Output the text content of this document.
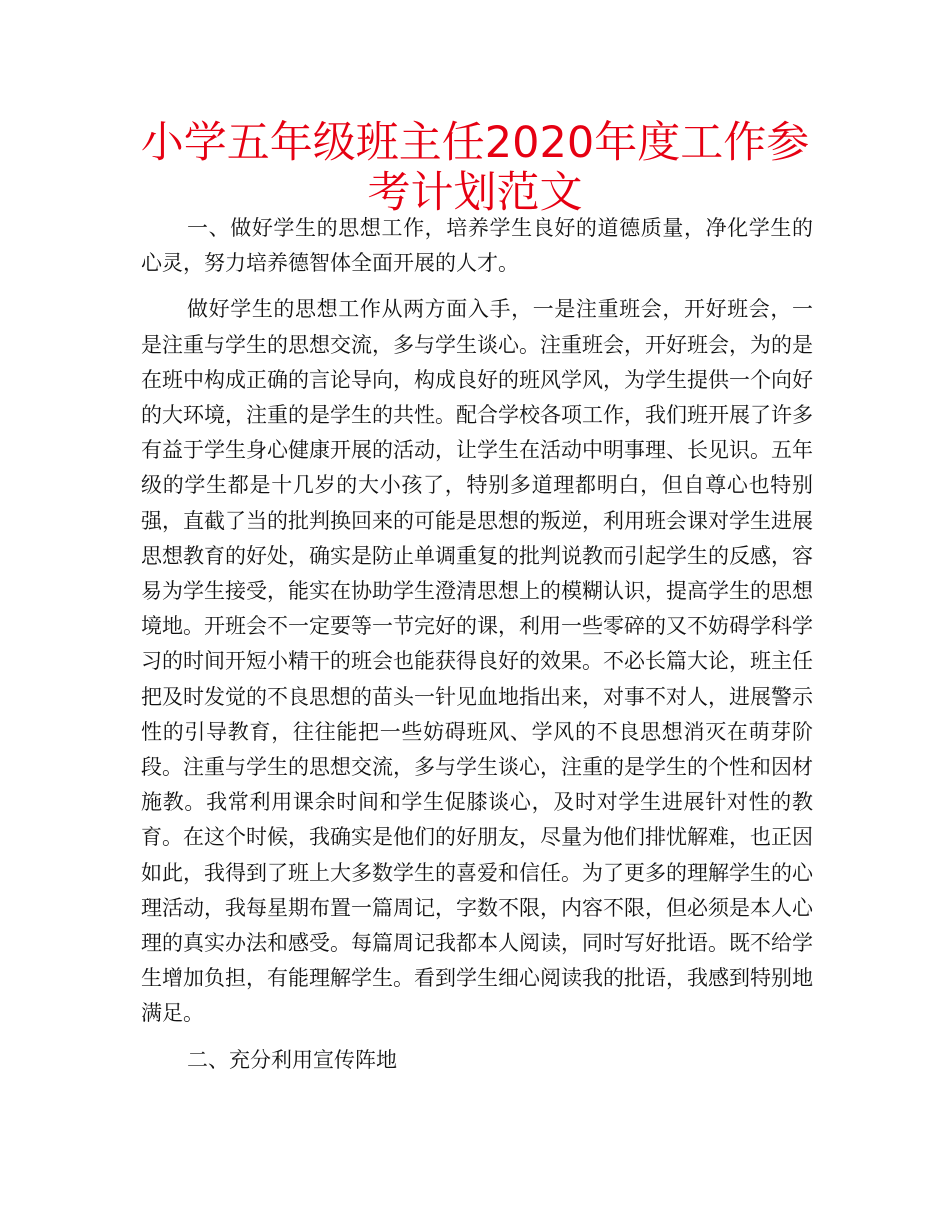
小学五年级班主任2020年度工作参考计划范文

一、做好学生的思想工作，培养学生良好的道德质量，净化学生的心灵，努力培养德智体全面开展的人才。

做好学生的思想工作从两方面入手，一是注重班会，开好班会，一是注重与学生的思想交流，多与学生谈心。注重班会，开好班会，为的是在班中构成正确的言论导向，构成良好的班风学风，为学生提供一个向好的大环境，注重的是学生的共性。配合学校各项工作，我们班开展了许多有益于学生身心健康开展的活动，让学生在活动中明事理、长见识。五年级的学生都是十几岁的大小孩了，特别多道理都明白，但自尊心也特别强，直截了当的批判换回来的可能是思想的叛逆，利用班会课对学生进展思想教育的好处，确实是防止单调重复的批判说教而引起学生的反感，容易为学生接受，能实在协助学生澄清思想上的模糊认识，提高学生的思想境地。开班会不一定要等一节完好的课，利用一些零碎的又不妨碍学科学习的时间开短小精干的班会也能获得良好的效果。不必长篇大论，班主任把及时发觉的不良思想的苗头一针见血地指出来，对事不对人，进展警示性的引导教育，往往能把一些妨碍班风、学风的不良思想消灭在萌芽阶段。注重与学生的思想交流，多与学生谈心，注重的是学生的个性和因材施教。我常利用课余时间和学生促膝谈心，及时对学生进展针对性的教育。在这个时候，我确实是他们的好朋友，尽量为他们排忧解难，也正因如此，我得到了班上大多数学生的喜爱和信任。为了更多的理解学生的心理活动，我每星期布置一篇周记，字数不限，内容不限，但必须是本人心理的真实办法和感受。每篇周记我都本人阅读，同时写好批语。既不给学生增加负担，有能理解学生。看到学生细心阅读我的批语，我感到特别地满足。

二、充分利用宣传阵地
